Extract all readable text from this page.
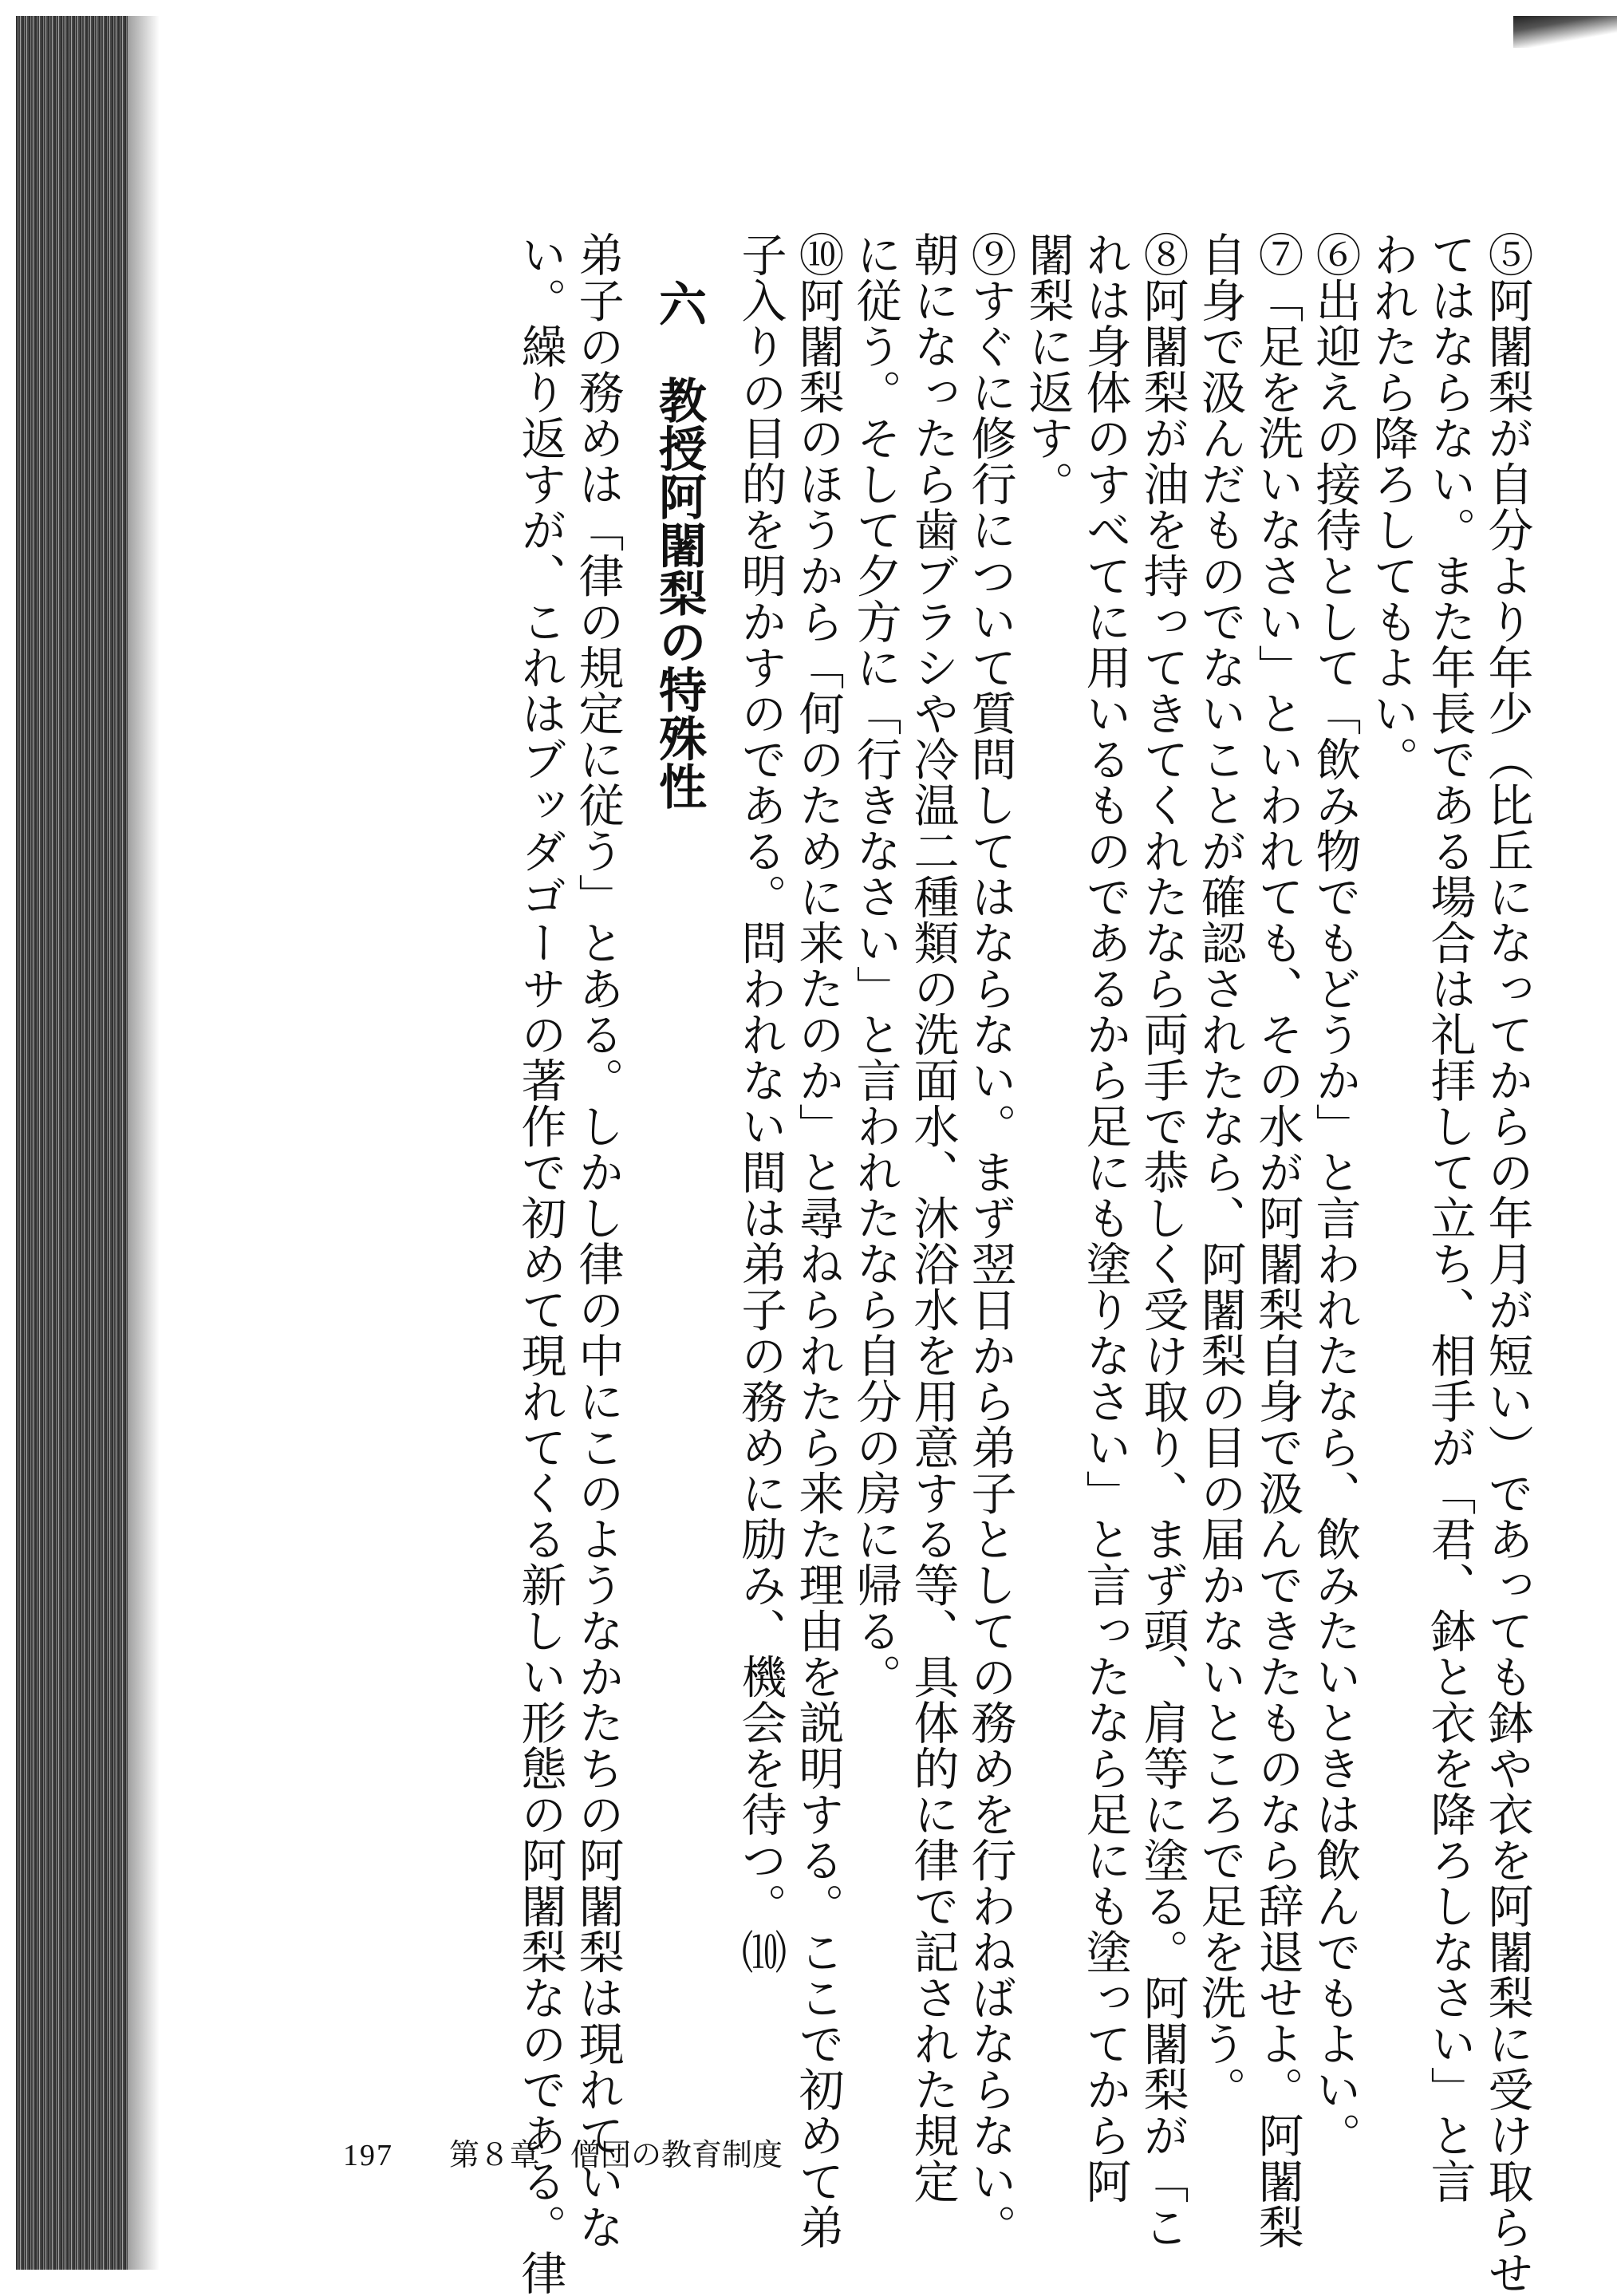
⑤阿闍梨が自分より年少（比丘になってからの年月が短い）であっても鉢や衣を阿闍梨に受け取らせ
てはならない。また年長である場合は礼拝して立ち、相手が「君、鉢と衣を降ろしなさい」と言
われたら降ろしてもよい。
⑥出迎えの接待として「飲み物でもどうか」と言われたなら、飲みたいときは飲んでもよい。
⑦「足を洗いなさい」といわれても、その水が阿闍梨自身で汲んできたものなら辞退せよ。阿闍梨
自身で汲んだものでないことが確認されたなら、阿闍梨の目の届かないところで足を洗う。
⑧阿闍梨が油を持ってきてくれたなら両手で恭しく受け取り、まず頭、肩等に塗る。阿闍梨が「こ
れは身体のすべてに用いるものであるから足にも塗りなさい」と言ったなら足にも塗ってから阿
闍梨に返す。
⑨すぐに修行について質問してはならない。まず翌日から弟子としての務めを行わねばならない。
朝になったら歯ブラシや冷温二種類の洗面水、沐浴水を用意する等、具体的に律で記された規定
に従う。そして夕方に「行きなさい」と言われたなら自分の房に帰る。
⑩阿闍梨のほうから「何のために来たのか」と尋ねられたら来た理由を説明する。ここで初めて弟
子入りの目的を明かすのである。問われない間は弟子の務めに励み、機会を待つ。⑽
六　教授阿闍梨の特殊性
弟子の務めは「律の規定に従う」とある。しかし律の中にこのようなかたちの阿闍梨は現れていな
い。繰り返すが、これはブッダゴーサの著作で初めて現れてくる新しい形態の阿闍梨なのである。律
197 第８章　僧団の教育制度
